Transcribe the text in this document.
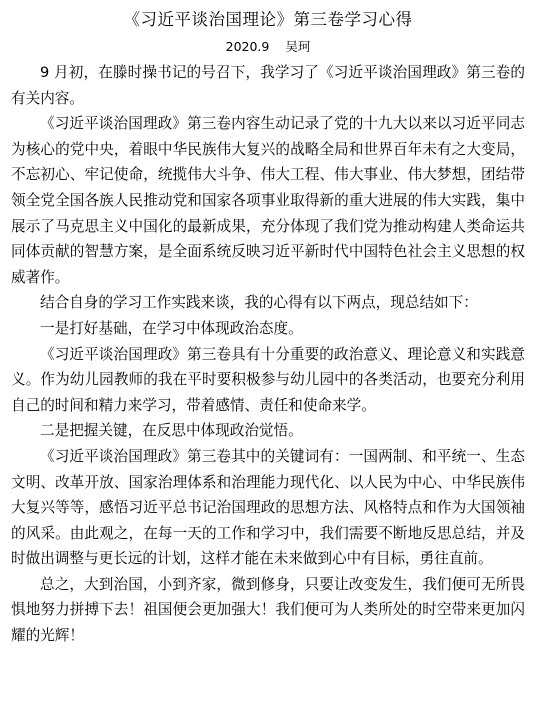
《习近平谈治国理论》第三卷学习心得
2020.9 吴珂

9 月初，在滕时操书记的号召下，我学习了《习近平谈治国理政》第三卷的有关内容。

《习近平谈治国理政》第三卷内容生动记录了党的十九大以来以习近平同志为核心的党中央，着眼中华民族伟大复兴的战略全局和世界百年未有之大变局，不忘初心、牢记使命，统揽伟大斗争、伟大工程、伟大事业、伟大梦想，团结带领全党全国各族人民推动党和国家各项事业取得新的重大进展的伟大实践，集中展示了马克思主义中国化的最新成果，充分体现了我们党为推动构建人类命运共同体贡献的智慧方案，是全面系统反映习近平新时代中国特色社会主义思想的权威著作。

结合自身的学习工作实践来谈，我的心得有以下两点，现总结如下：

一是打好基础，在学习中体现政治态度。

《习近平谈治国理政》第三卷具有十分重要的政治意义、理论意义和实践意义。作为幼儿园教师的我在平时要积极参与幼儿园中的各类活动，也要充分利用自己的时间和精力来学习，带着感情、责任和使命来学。

二是把握关键，在反思中体现政治觉悟。

《习近平谈治国理政》第三卷其中的关键词有：一国两制、和平统一、生态文明、改革开放、国家治理体系和治理能力现代化、以人民为中心、中华民族伟大复兴等等，感悟习近平总书记治国理政的思想方法、风格特点和作为大国领袖的风采。由此观之，在每一天的工作和学习中，我们需要不断地反思总结，并及时做出调整与更长远的计划，这样才能在未来做到心中有目标，勇往直前。

总之，大到治国，小到齐家，微到修身，只要让改变发生，我们便可无所畏惧地努力拼搏下去！祖国便会更加强大！我们便可为人类所处的时空带来更加闪耀的光辉！
